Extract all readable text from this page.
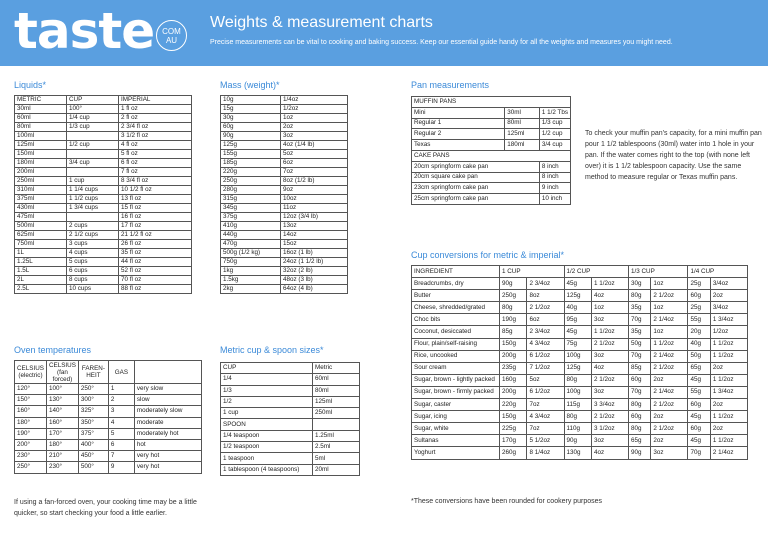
taste COM
AU
Weights & measurement charts
Precise measurements can be vital to cooking and baking success. Keep our essential guide handy for all the weights and measures you might need.
Liquids*
METRIC	CUP	IMPERIAL
30ml	100°	1 fl oz
60ml	1/4 cup	2 fl oz
80ml	1/3 cup	2 3/4 fl oz
100ml		3 1/2 fl oz
125ml	1/2 cup	4 fl oz
150ml		5 fl oz
180ml	3/4 cup	6 fl oz
200ml		7 fl oz
250ml	1 cup	8 3/4 fl oz
310ml	1 1/4 cups	10 1/2 fl oz
375ml	1 1/2 cups	13 fl oz
430ml	1 3/4 cups	15 fl oz
475ml		16 fl oz
500ml	2 cups	17 fl oz
625ml	2 1/2 cups	21 1/2 fl oz
750ml	3 cups	26 fl oz
1L	4 cups	35 fl oz
1.25L	5 cups	44 fl oz
1.5L	6 cups	52 fl oz
2L	8 cups	70 fl oz
2.5L	10 cups	88 fl oz
Mass (weight)*
10g	1/4oz
15g	1/2oz
30g	1oz
60g	2oz
90g	3oz
125g	4oz (1/4 lb)
155g	5oz
185g	6oz
220g	7oz
250g	8oz (1/2 lb)
280g	9oz
315g	10oz
345g	11oz
375g	12oz (3/4 lb)
410g	13oz
440g	14oz
470g	15oz
500g (1/2 kg)	16oz (1 lb)
750g	24oz (1 1/2 lb)
1kg	32oz (2 lb)
1.5kg	48oz (3 lb)
2kg	64oz (4 lb)
Pan measurements
MUFFIN PANS		
Mini	30ml	1 1/2 Tbs
Regular 1	80ml	1/3 cup
Regular 2	125ml	1/2 cup
Texas	180ml	3/4 cup
CAKE PANS		
20cm springform cake pan		8 inch
20cm square cake pan		8 inch
23cm springform cake pan		9 inch
25cm springform cake pan		10 inch
To check your muffin pan's capacity, for a mini muffin pan pour 1 1/2 tablespoons (30ml) water into 1 hole in your pan. If the water comes right to the top (with none left over) it is 1 1/2 tablespoon capacity. Use the same method to measure regular or Texas muffin pans.
Oven temperatures
CELSIUS (electric)	CELSIUS (fan forced)	FAREN-HEIT	GAS	
120°	100°	250°	1	very slow
150°	130°	300°	2	slow
160°	140°	325°	3	moderately slow
180°	160°	350°	4	moderate
190°	170°	375°	5	moderately hot
200°	180°	400°	6	hot
230°	210°	450°	7	very hot
250°	230°	500°	9	very hot
If using a fan-forced oven, your cooking time may be a little quicker, so start checking your food a little earlier.
Metric cup & spoon sizes*
CUP	Metric
1/4	60ml
1/3	80ml
1/2	125ml
1 cup	250ml
SPOON	
1/4 teaspoon	1.25ml
1/2 teaspoon	2.5ml
1 teaspoon	5ml
1 tablespoon (4 teaspoons)	20ml
Cup conversions for metric & imperial*
INGREDIENT	1 CUP		1/2 CUP		1/3 CUP		1/4 CUP	
Breadcrumbs, dry	90g	2 3/4oz	45g	1 1/2oz	30g	1oz	25g	3/4oz
Butter	250g	8oz	125g	4oz	80g	2 1/2oz	60g	2oz
Cheese, shredded/grated	80g	2 1/2oz	40g	1oz	35g	1oz	25g	3/4oz
Choc bits	190g	6oz	95g	3oz	70g	2 1/4oz	55g	1 3/4oz
Coconut, desiccated	85g	2 3/4oz	45g	1 1/2oz	35g	1oz	20g	1/2oz
Flour, plain/self-raising	150g	4 3/4oz	75g	2 1/2oz	50g	1 1/2oz	40g	1 1/2oz
Rice, uncooked	200g	6 1/2oz	100g	3oz	70g	2 1/4oz	50g	1 1/2oz
Sour cream	235g	7 1/2oz	125g	4oz	85g	2 1/2oz	65g	2oz
Sugar, brown - lightly packed	160g	5oz	80g	2 1/2oz	60g	2oz	45g	1 1/2oz
Sugar, brown - firmly packed	200g	6 1/2oz	100g	3oz	70g	2 1/4oz	55g	1 3/4oz
Sugar, caster	220g	7oz	115g	3 3/4oz	80g	2 1/2oz	60g	2oz
Sugar, icing	150g	4 3/4oz	80g	2 1/2oz	60g	2oz	45g	1 1/2oz
Sugar, white	225g	7oz	110g	3 1/2oz	80g	2 1/2oz	60g	2oz
Sultanas	170g	5 1/2oz	90g	3oz	65g	2oz	45g	1 1/2oz
Yoghurt	260g	8 1/4oz	130g	4oz	90g	3oz	70g	2 1/4oz
*These conversions have been rounded for cookery purposes
